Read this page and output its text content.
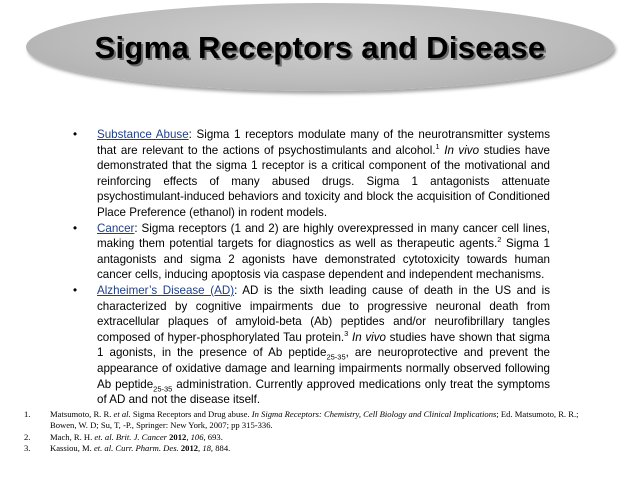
Sigma Receptors and Disease
• Substance Abuse: Sigma 1 receptors modulate many of the neurotransmitter systems that are relevant to the actions of psychostimulants and alcohol.$^1$ In vivo studies have demonstrated that the sigma 1 receptor is a critical component of the motivational and reinforcing effects of many abused drugs. Sigma 1 antagonists attenuate psychostimulant-induced behaviors and toxicity and block the acquisition of Conditioned Place Preference (ethanol) in rodent models.
• Cancer: Sigma receptors (1 and 2) are highly overexpressed in many cancer cell lines, making them potential targets for diagnostics as well as therapeutic agents.$^2$ Sigma 1 antagonists and sigma 2 agonists have demonstrated cytotoxicity towards human cancer cells, inducing apoptosis via caspase dependent and independent mechanisms.
• Alzheimer’s Disease (AD): AD is the sixth leading cause of death in the US and is characterized by cognitive impairments due to progressive neuronal death from extracellular plaques of amyloid-beta (Ab) peptides and/or neurofibrillary tangles composed of hyper-phosphorylated Tau protein.$^3$ In vivo studies have shown that sigma 1 agonists, in the presence of Ab peptide$_{25-35}$, are neuroprotective and prevent the appearance of oxidative damage and learning impairments normally observed following Ab peptide$_{25-35}$ administration. Currently approved medications only treat the symptoms of AD and not the disease itself.
1. Matsumoto, R. R. et al. Sigma Receptors and Drug abuse. In Sigma Receptors: Chemistry, Cell Biology and Clinical Implications; Ed. Matsumoto, R. R.; Bowen, W. D; Su, T, -P., Springer: New York, 2007; pp 315-336.
2. Mach, R. H. et. al. Brit. J. Cancer 2012, 106, 693.
3. Kassiou, M. et. al. Curr. Pharm. Des. 2012, 18, 884.
